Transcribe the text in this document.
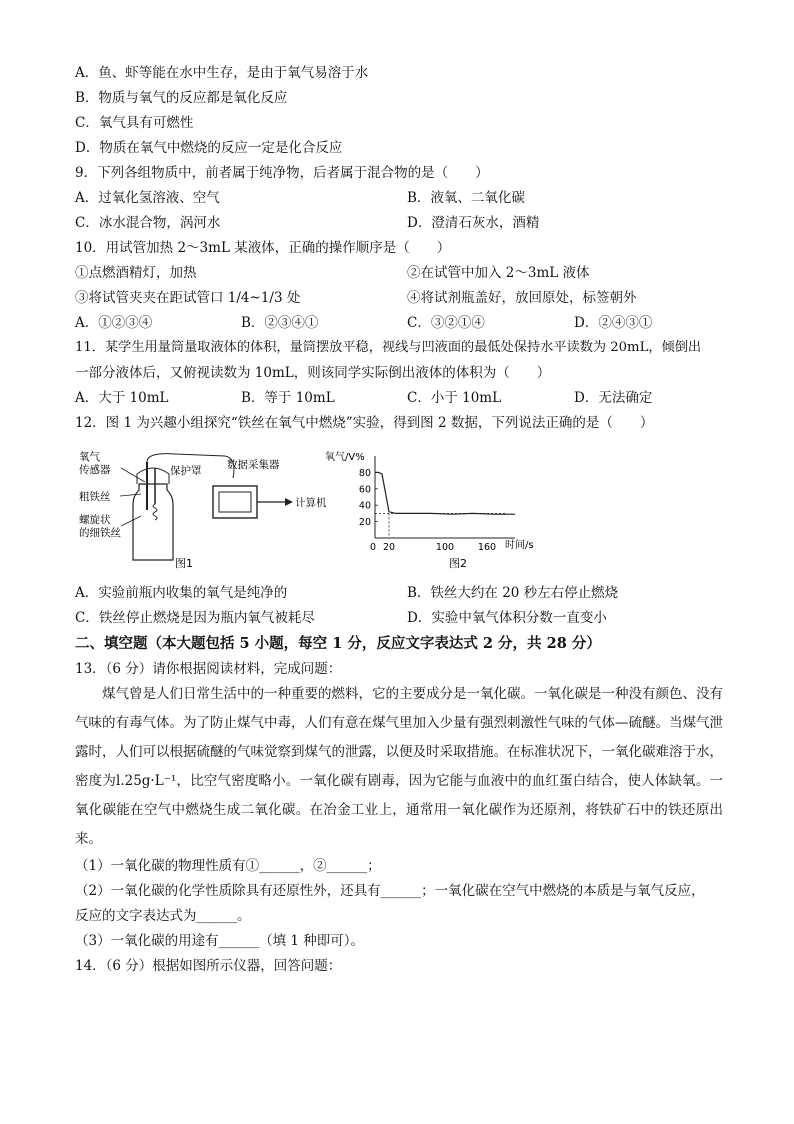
A．鱼、虾等能在水中生存，是由于氧气易溶于水
B．物质与氧气的反应都是氧化反应
C．氧气具有可燃性
D．物质在氧气中燃烧的反应一定是化合反应
9．下列各组物质中，前者属于纯净物，后者属于混合物的是（　　）
A．过氧化氢溶液、空气	B．液氧、二氧化碳
C．冰水混合物，涡河水	D．澄清石灰水，酒精
10．用试管加热 2～3mL 某液体，正确的操作顺序是（　　）
①点燃酒精灯，加热	②在试管中加入 2～3mL 液体
③将试管夹夹在距试管口 1/4~1/3 处	④将试剂瓶盖好，放回原处，标签朝外
A．①②③④	B．②③④①	C．③②①④	D．②④③①
11．某学生用量筒量取液体的体积，量筒摆放平稳，视线与凹液面的最低处保持水平读数为 20mL，倾倒出
一部分液体后，又俯视读数为 10mL，则该同学实际倒出液体的体积为（　　）
A．大于 10mL	B．等于 10mL	C．小于 10mL	D．无法确定
12．图 1 为兴趣小组探究“铁丝在氧气中燃烧”实验，得到图 2 数据，下列说法正确的是（　　）
氧气
传感器	保护罩
粗铁丝
螺旋状
的细铁丝
数据采集器
计算机
图1
氧气/V%
时间/s
20
40
60
80
0 20	100	160
图2
A．实验前瓶内收集的氧气是纯净的	B．铁丝大约在 20 秒左右停止燃烧
C．铁丝停止燃烧是因为瓶内氧气被耗尽	D．实验中氧气体积分数一直变小
二、填空题（本大题包括 5 小题，每空 1 分，反应文字表达式 2 分，共 28 分）
13．（6 分）请你根据阅读材料，完成问题：
煤气曾是人们日常生活中的一种重要的燃料，它的主要成分是一氧化碳。一氧化碳是一种没有颜色、没有气味的有毒气体。为了防止煤气中毒，人们有意在煤气里加入少量有强烈刺激性气味的气体—硫醚。当煤气泄露时，人们可以根据硫醚的气味觉察到煤气的泄露，以便及时采取措施。在标准状况下，一氧化碳难溶于水，密度为l.25g·L⁻¹，比空气密度略小。一氧化碳有剧毒，因为它能与血液中的血红蛋白结合，使人体缺氧。一氧化碳能在空气中燃烧生成二氧化碳。在冶金工业上，通常用一氧化碳作为还原剂，将铁矿石中的铁还原出来。
（1）一氧化碳的物理性质有①______，②______；
（2）一氧化碳的化学性质除具有还原性外，还具有______；一氧化碳在空气中燃烧的本质是与氧气反应，
反应的文字表达式为______。
（3）一氧化碳的用途有______（填 1 种即可）。
14．（6 分）根据如图所示仪器，回答问题：
